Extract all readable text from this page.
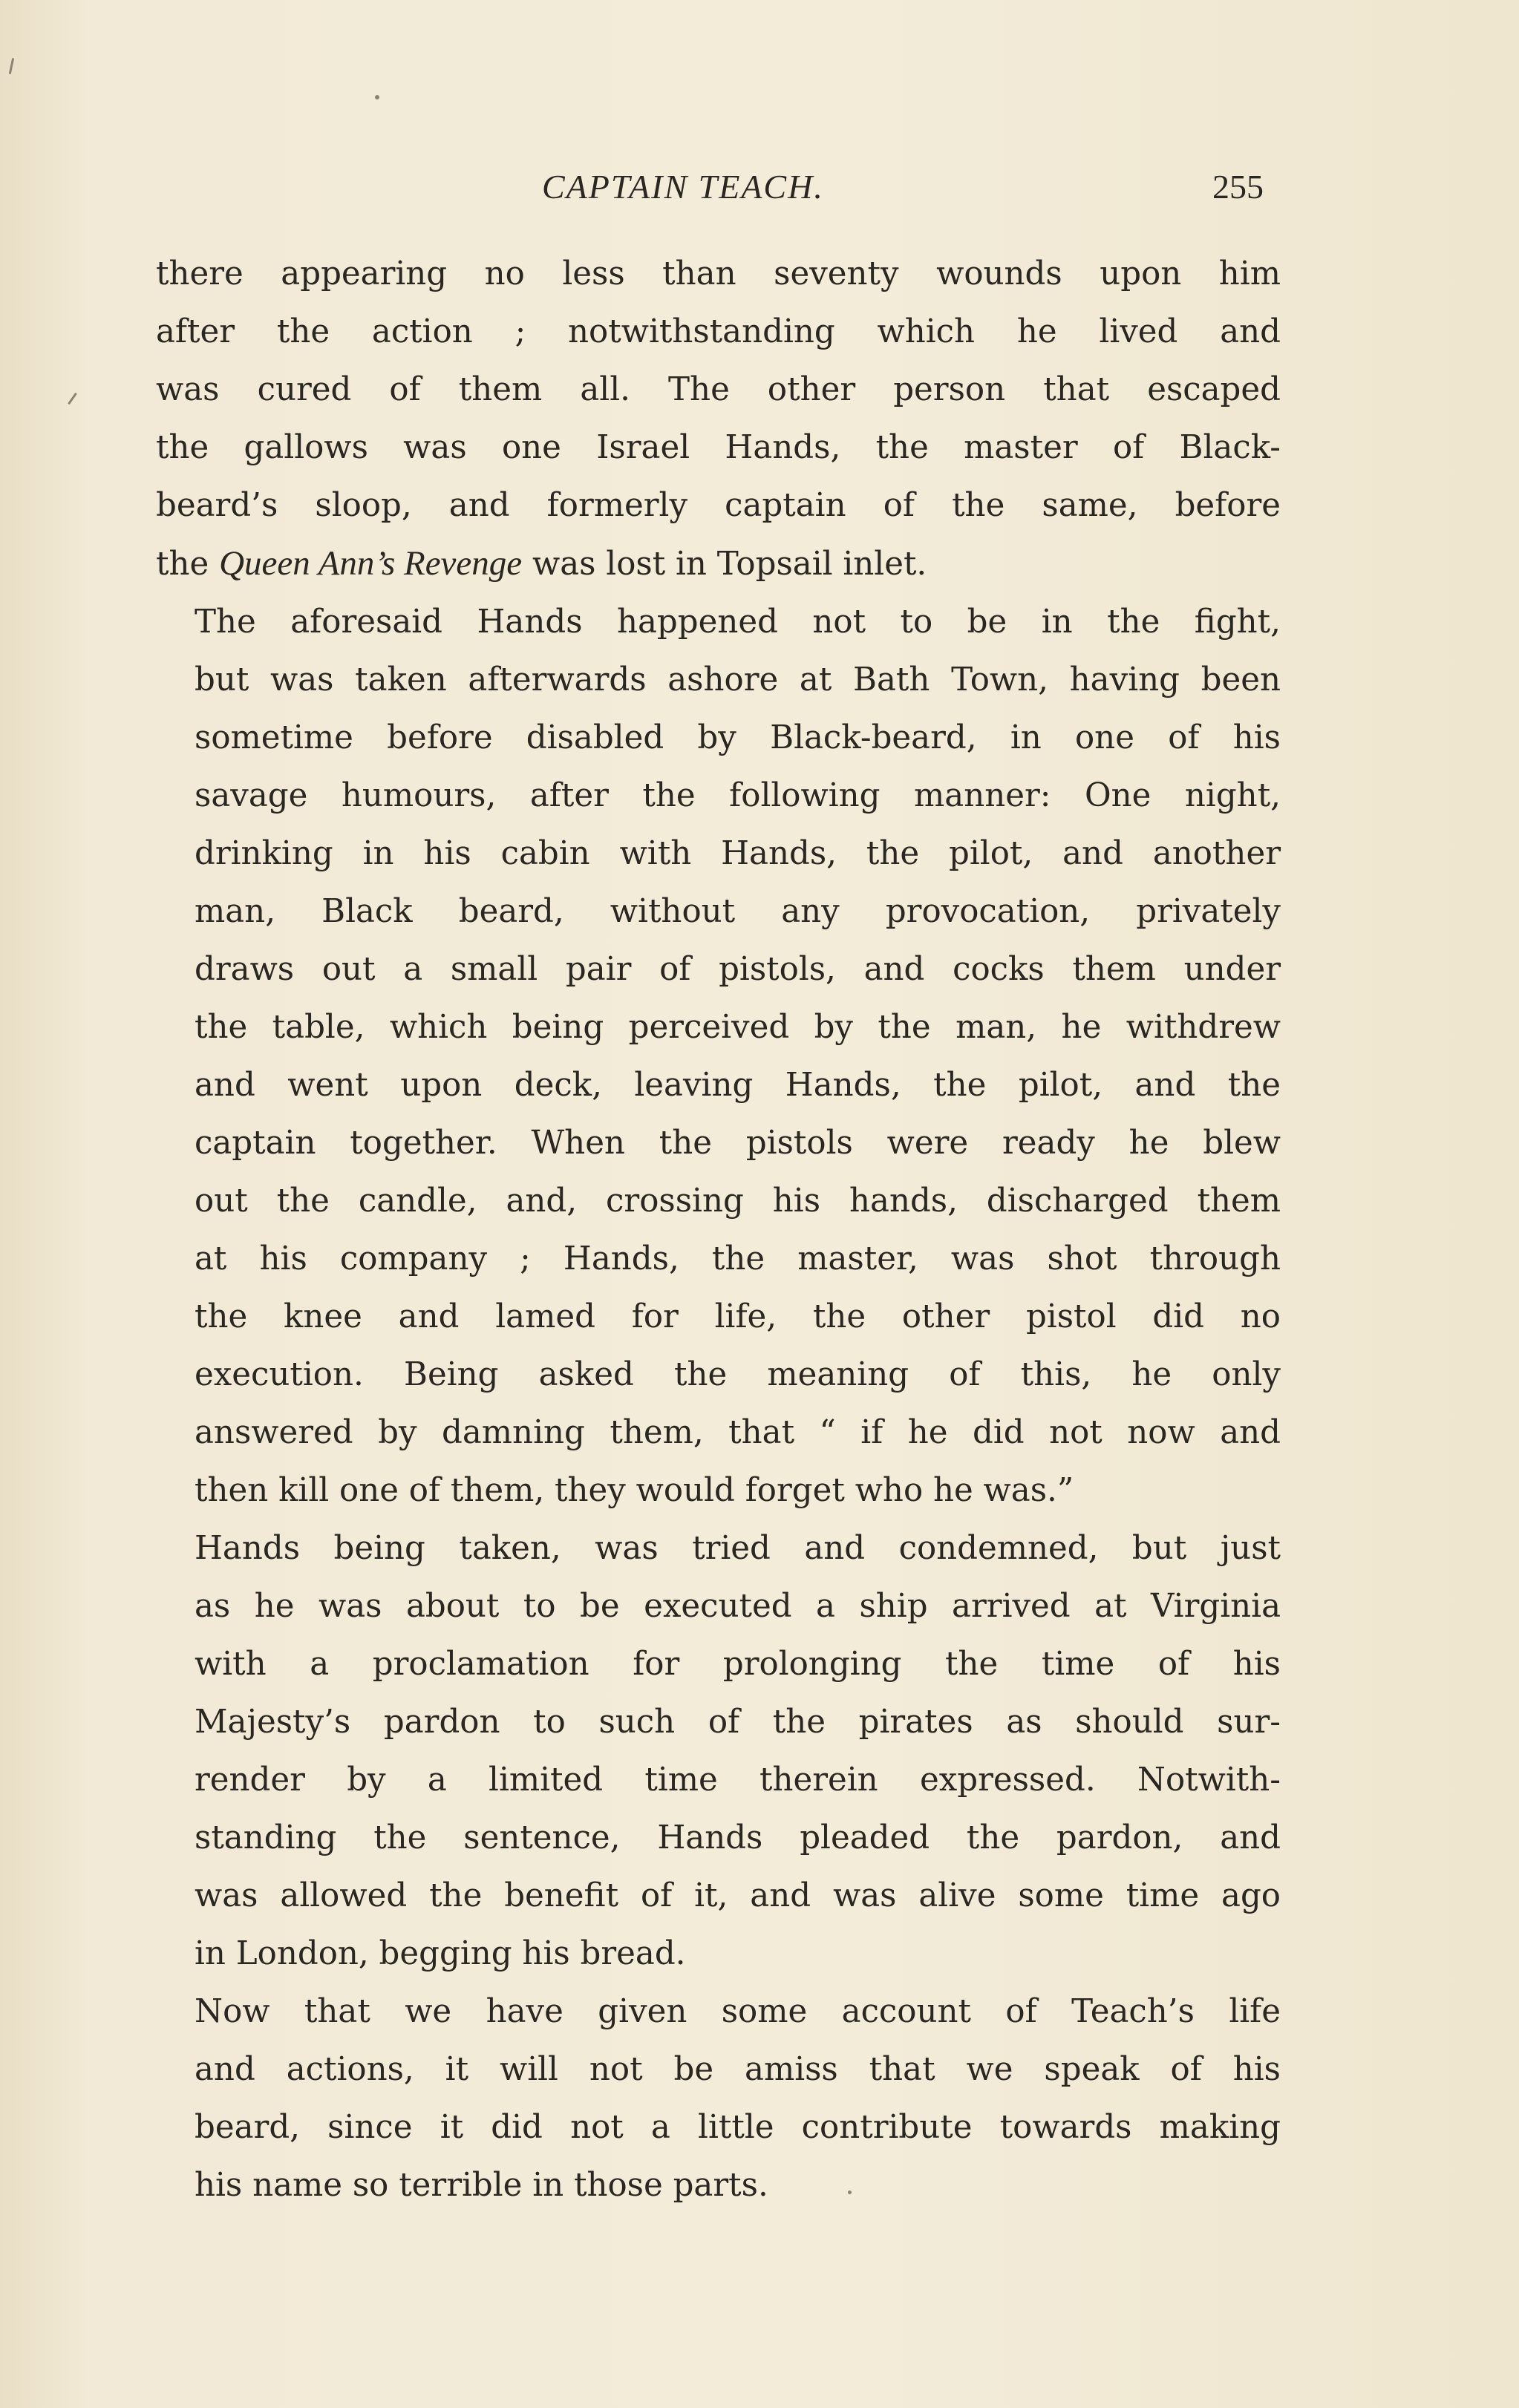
CAPTAIN TEACH.	255

there appearing no less than seventy wounds upon him
after the action ; notwithstanding which he lived and
was cured of them all. The other person that escaped
the gallows was one Israel Hands, the master of Black-
beard’s sloop, and formerly captain of the same, before
the Queen Ann’s Revenge was lost in Topsail inlet.

The aforesaid Hands happened not to be in the fight,
but was taken afterwards ashore at Bath Town, having been
sometime before disabled by Black-beard, in one of his
savage humours, after the following manner: One night,
drinking in his cabin with Hands, the pilot, and another
man, Black beard, without any provocation, privately
draws out a small pair of pistols, and cocks them under
the table, which being perceived by the man, he withdrew
and went upon deck, leaving Hands, the pilot, and the
captain together. When the pistols were ready he blew
out the candle, and, crossing his hands, discharged them
at his company ; Hands, the master, was shot through
the knee and lamed for life, the other pistol did no
execution. Being asked the meaning of this, he only
answered by damning them, that “ if he did not now and
then kill one of them, they would forget who he was.”

Hands being taken, was tried and condemned, but just
as he was about to be executed a ship arrived at Virginia
with a proclamation for prolonging the time of his
Majesty’s pardon to such of the pirates as should sur-
render by a limited time therein expressed. Notwith-
standing the sentence, Hands pleaded the pardon, and
was allowed the benefit of it, and was alive some time ago
in London, begging his bread.

Now that we have given some account of Teach’s life
and actions, it will not be amiss that we speak of his
beard, since it did not a little contribute towards making
his name so terrible in those parts.
